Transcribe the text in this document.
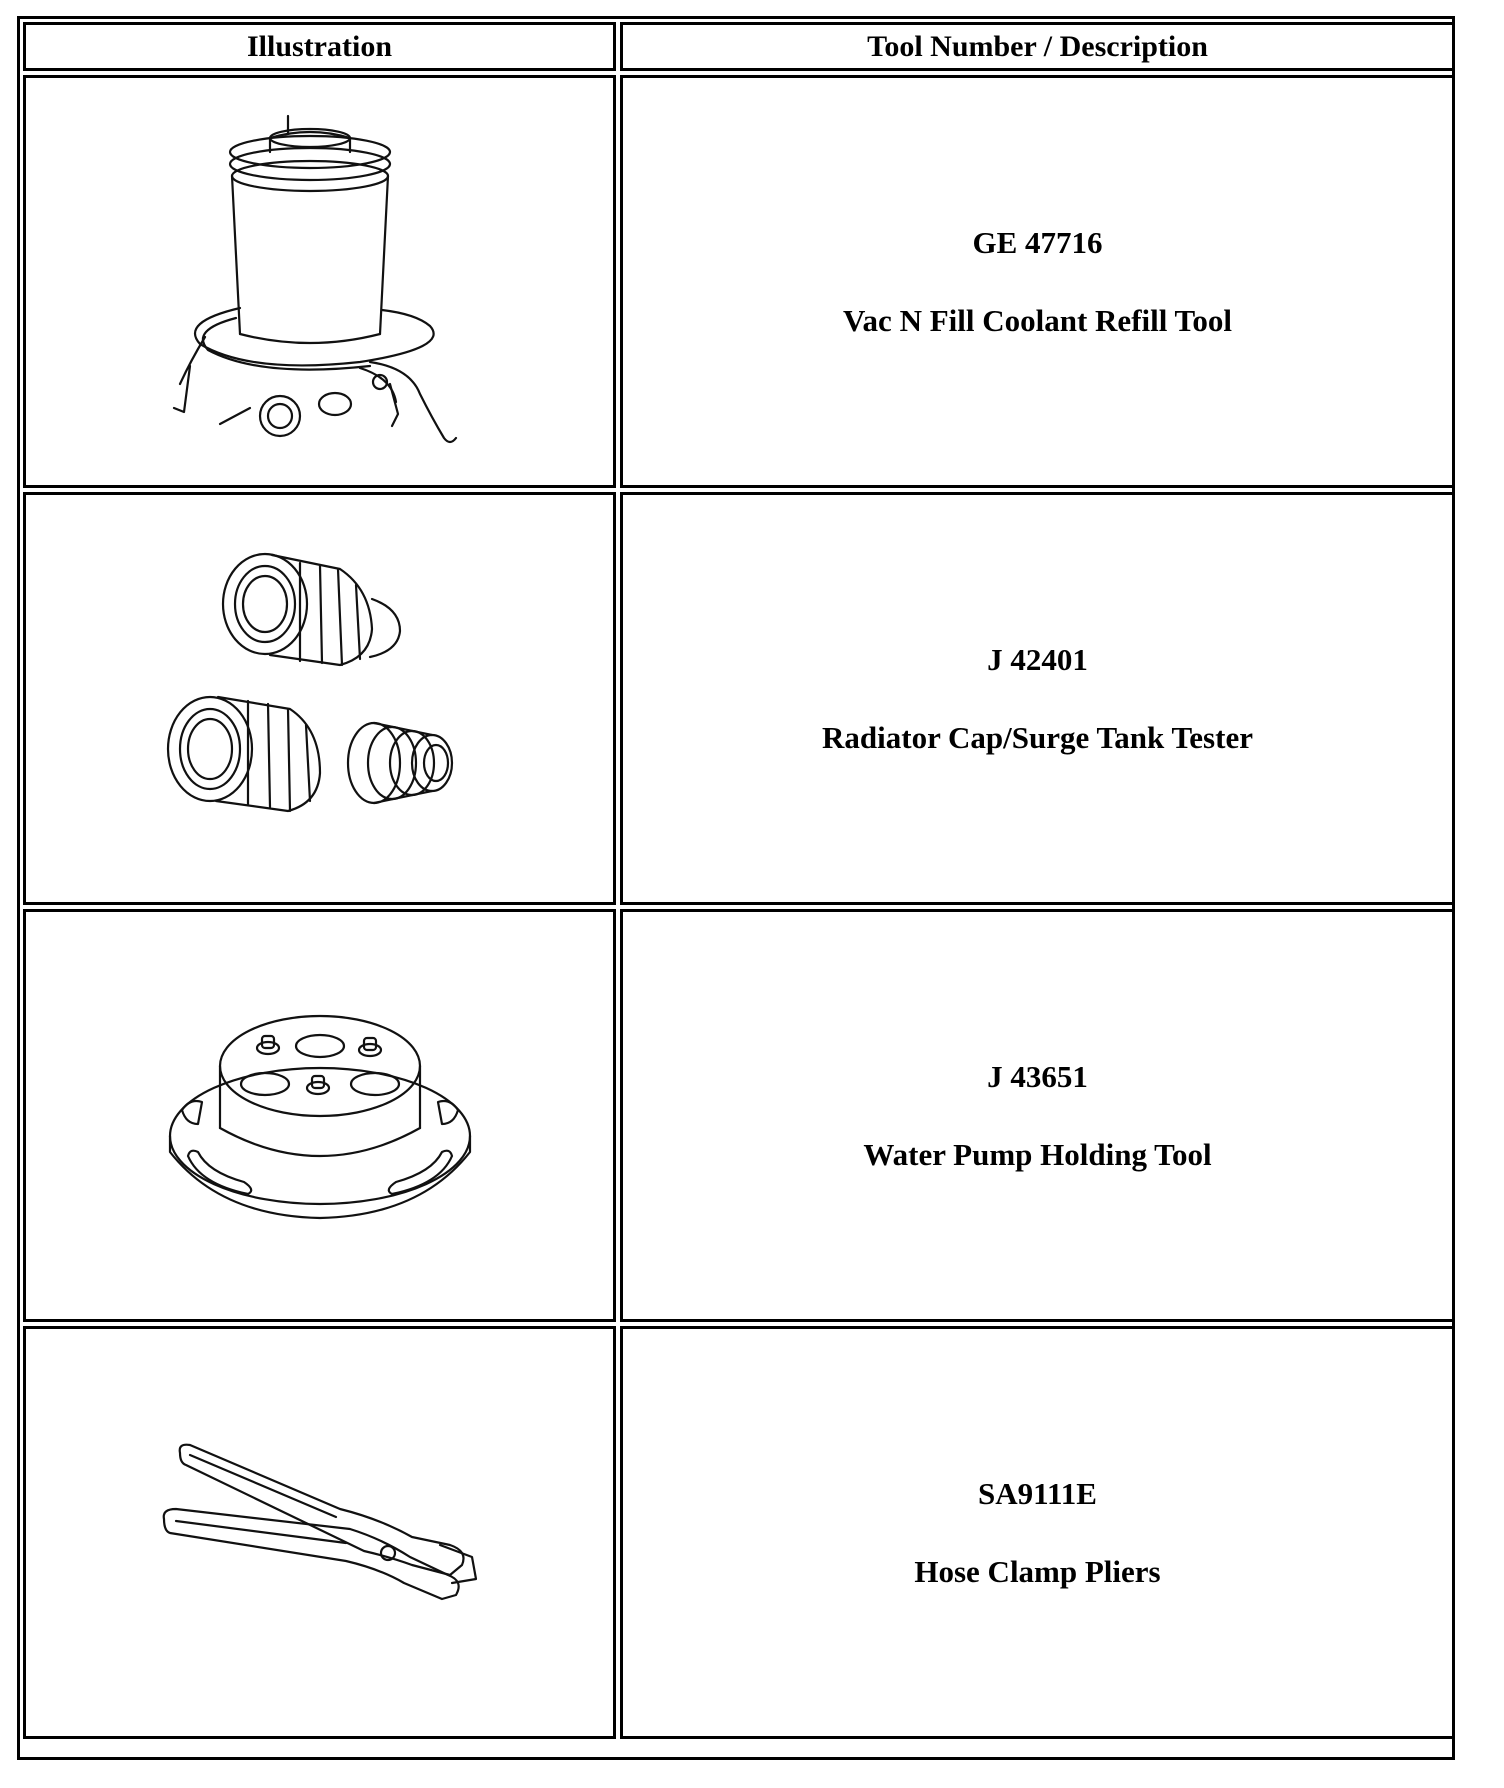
Illustration	Tool Number / Description
GE 47716
Vac N Fill Coolant Refill Tool
J 42401
Radiator Cap/Surge Tank Tester
J 43651
Water Pump Holding Tool
SA9111E
Hose Clamp Pliers
